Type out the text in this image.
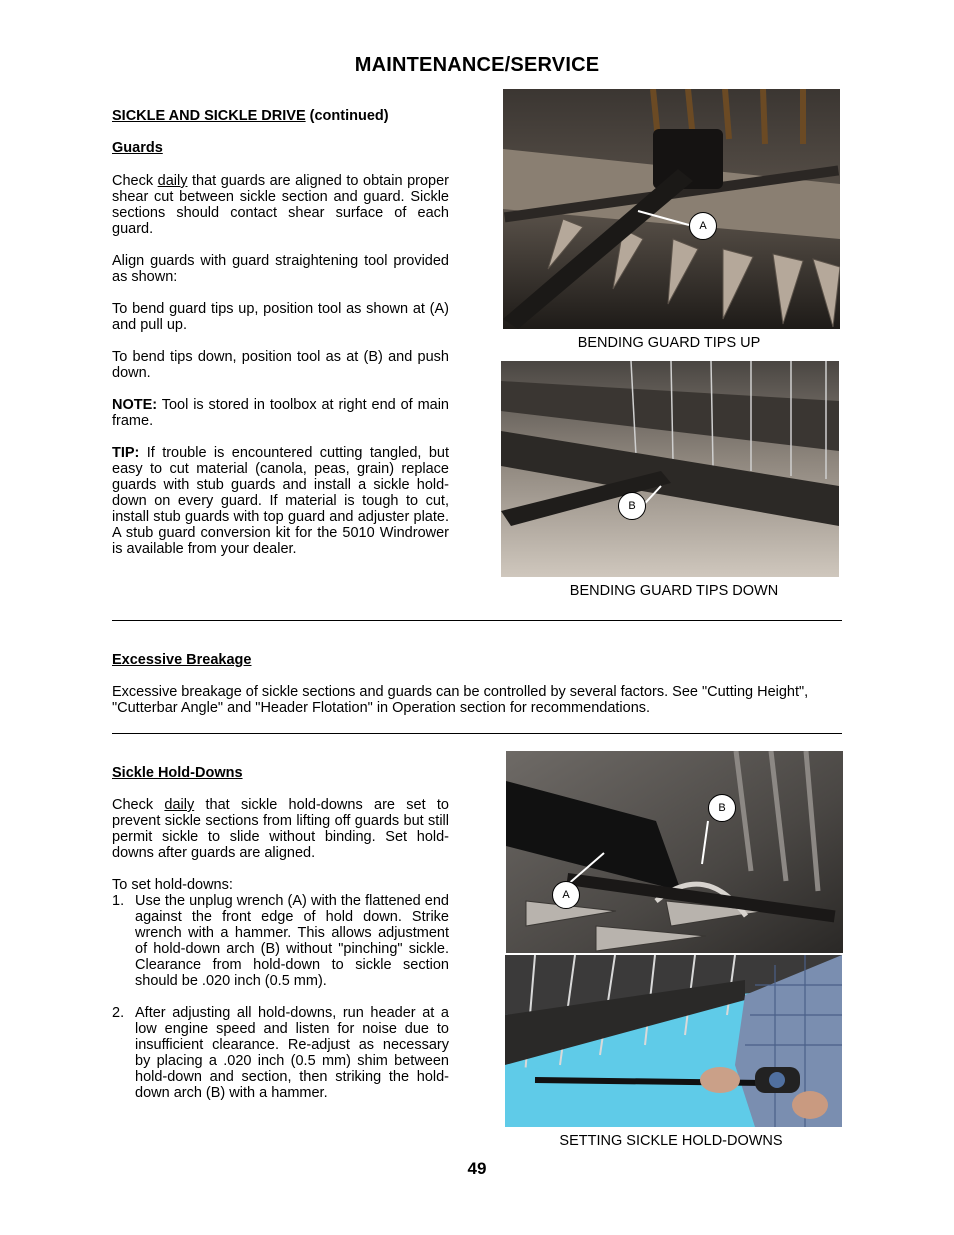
MAINTENANCE/SERVICE
SICKLE AND SICKLE DRIVE (continued)
Guards

Check daily that guards are aligned to obtain proper shear cut between sickle section and guard. Sickle sections should contact shear surface of each guard.

Align guards with guard straightening tool provided as shown:

To bend guard tips up, position tool as shown at (A) and pull up.

To bend tips down, position tool as at (B) and push down.

NOTE: Tool is stored in toolbox at right end of main frame.

TIP: If trouble is encountered cutting tangled, but easy to cut material (canola, peas, grain) replace guards with stub guards and install a sickle hold-down on every guard. If material is tough to cut, install stub guards with top guard and adjuster plate. A stub guard conversion kit for the 5010 Windrower is available from your dealer.

A
BENDING GUARD TIPS UP
B
BENDING GUARD TIPS DOWN
Excessive Breakage
Excessive breakage of sickle sections and guards can be controlled by several factors. See "Cutting Height", "Cutterbar Angle" and "Header Flotation" in Operation section for recommendations.
Sickle Hold-Downs

Check daily that sickle hold-downs are set to prevent sickle sections from lifting off guards but still permit sickle to slide without binding. Set hold-downs after guards are aligned.

To set hold-downs:

1. Use the unplug wrench (A) with the flattened end against the front edge of hold down. Strike wrench with a hammer. This allows adjustment of hold-down arch (B) without "pinching" sickle. Clearance from hold-down to sickle section should be .020 inch (0.5 mm).
2. After adjusting all hold-downs, run header at a low engine speed and listen for noise due to insufficient clearance. Re-adjust as necessary by placing a .020 inch (0.5 mm) shim between hold-down and section, then striking the hold-down arch (B) with a hammer.
A
B
SETTING SICKLE HOLD-DOWNS
49
